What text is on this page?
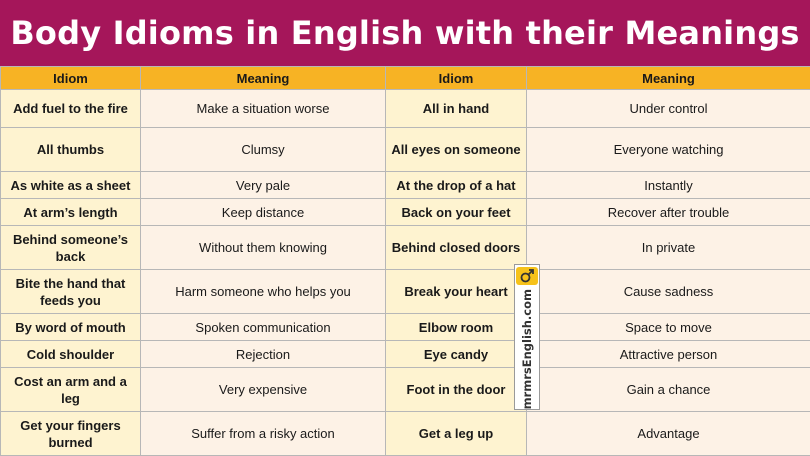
Body Idioms in English with their Meanings
Idiom	Meaning	Idiom	Meaning
Add fuel to the fire	Make a situation worse	All in hand	Under control
All thumbs	Clumsy	All eyes on someone	Everyone watching
As white as a sheet	Very pale	At the drop of a hat	Instantly
At arm’s length	Keep distance	Back on your feet	Recover after trouble
Behind someone’s back	Without them knowing	Behind closed doors	In private
Bite the hand that feeds you	Harm someone who helps you	Break your heart	Cause sadness
By word of mouth	Spoken communication	Elbow room	Space to move
Cold shoulder	Rejection	Eye candy	Attractive person
Cost an arm and a leg	Very expensive	Foot in the door	Gain a chance
Get your fingers burned	Suffer from a risky action	Get a leg up	Advantage
mrmrsEnglish.com
